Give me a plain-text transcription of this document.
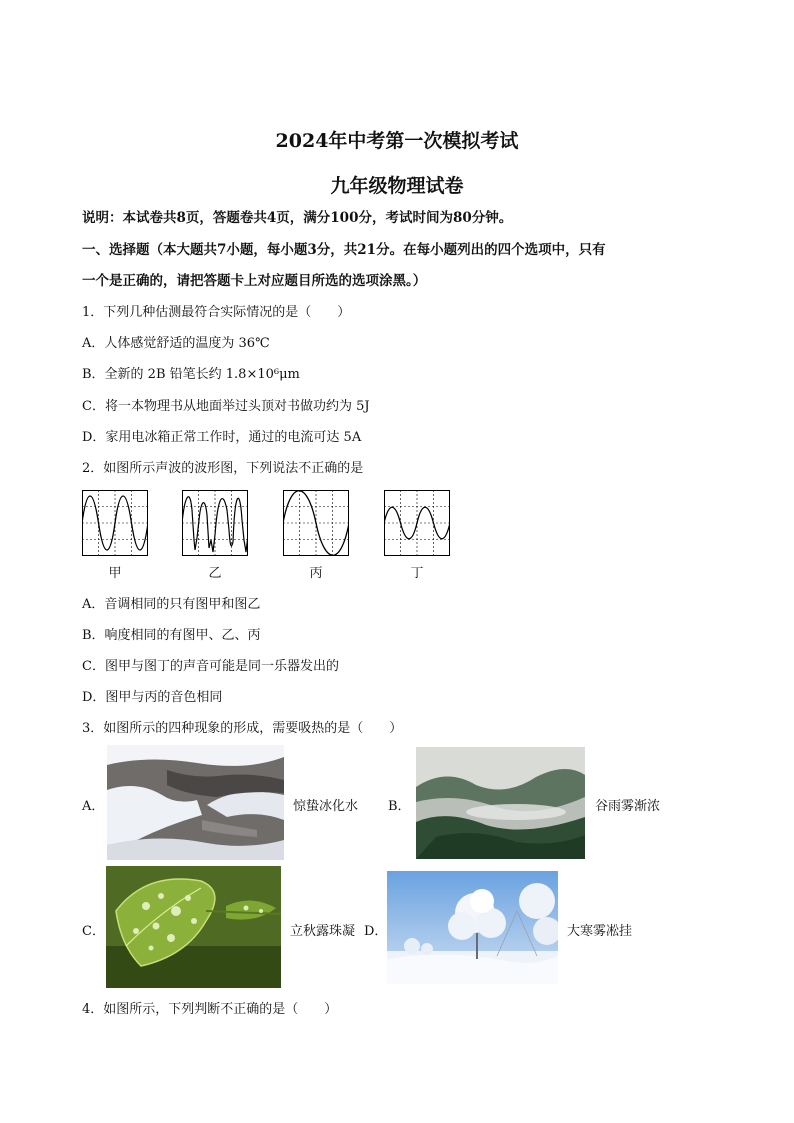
2024年中考第一次模拟考试
九年级物理试卷
说明：本试卷共8页，答题卷共4页，满分100分，考试时间为80分钟。
一、选择题（本大题共7小题，每小题3分，共21分。在每小题列出的四个选项中，只有
一个是正确的，请把答题卡上对应题目所选的选项涂黑。）
1．下列几种估测最符合实际情况的是（　　）
A．人体感觉舒适的温度为 36℃
B．全新的 2B 铅笔长约 1.8×10⁶μm
C．将一本物理书从地面举过头顶对书做功约为 5J
D．家用电冰箱正常工作时，通过的电流可达 5A
2．如图所示声波的波形图，下列说法不正确的是
甲	乙	丙	丁
A．音调相同的只有图甲和图乙
B．响度相同的有图甲、乙、丙
C．图甲与图丁的声音可能是同一乐器发出的
D．图甲与丙的音色相同
3．如图所示的四种现象的形成，需要吸热的是（　　）
A．	惊蛰冰化水 B．	谷雨雾渐浓
C．	立秋露珠凝 D．	大寒雾凇挂
4．如图所示，下列判断不正确的是（　　）
